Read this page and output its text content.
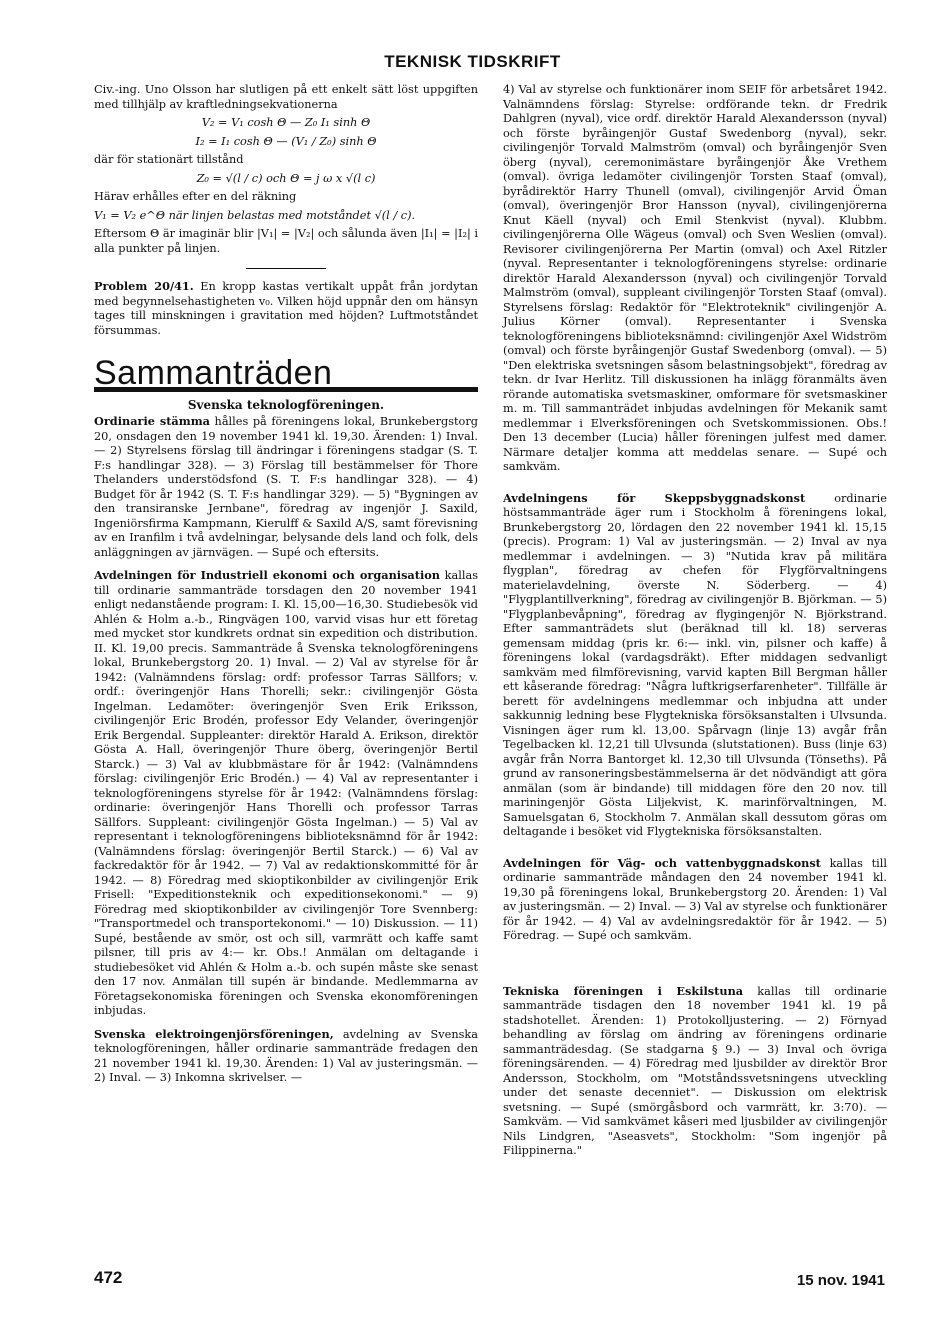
TEKNISK TIDSKRIFT

Civ.-ing. Uno Olsson har slutligen på ett enkelt sätt löst uppgiften med tillhjälp av kraftledningsekvationerna

V₂ = V₁ cosh Θ — Z₀ I₁ sinh Θ
I₂ = I₁ cosh Θ — (V₁ / Z₀) sinh Θ

där för stationärt tillstånd

Z₀ = √(l / c) och Θ = j ω x √(l c)

Härav erhålles efter en del räkning

V₁ = V₂ e^Θ när linjen belastas med motståndet √(l / c).

Eftersom Θ är imaginär blir |V₁| = |V₂| och sålunda även |I₁| = |I₂| i alla punkter på linjen.

Problem 20/41. En kropp kastas vertikalt uppåt från jordytan med begynnelsehastigheten v₀. Vilken höjd uppnår den om hänsyn tages till minskningen i gravitation med höjden? Luftmotståndet försummas.

Sammanträden
Svenska teknologföreningen.

Ordinarie stämma hålles på föreningens lokal, Brunkebergstorg 20, onsdagen den 19 november 1941 kl. 19,30. Ärenden: 1) Inval. — 2) Styrelsens förslag till ändringar i föreningens stadgar (S. T. F:s handlingar 328). — 3) Förslag till bestämmelser för Thore Thelanders understödsfond (S. T. F:s handlingar 328). — 4) Budget för år 1942 (S. T. F:s handlingar 329). — 5) "Bygningen av den transiranske Jernbane", föredrag av ingenjör J. Saxild, Ingeniörsfirma Kampmann, Kierulff & Saxild A/S, samt förevisning av en Iranfilm i två avdelningar, belysande dels land och folk, dels anläggningen av järnvägen. — Supé och eftersits.

Avdelningen för Industriell ekonomi och organisation kallas till ordinarie sammanträde torsdagen den 20 november 1941 enligt nedanstående program: I. Kl. 15,00—16,30. Studiebesök vid Ahlén & Holm a.-b., Ringvägen 100, varvid visas hur ett företag med mycket stor kundkrets ordnat sin expedition och distribution. II. Kl. 19,00 precis. Sammanträde å Svenska teknologföreningens lokal, Brunkebergstorg 20. 1) Inval. — 2) Val av styrelse för år 1942: (Valnämndens förslag: ordf: professor Tarras Sällfors; v. ordf.: överingenjör Hans Thorelli; sekr.: civilingenjör Gösta Ingelman. Ledamöter: överingenjör Sven Erik Eriksson, civilingenjör Eric Brodén, professor Edy Velander, överingenjör Erik Bergendal. Suppleanter: direktör Harald A. Erikson, direktör Gösta A. Hall, överingenjör Thure öberg, överingenjör Bertil Starck.) — 3) Val av klubbmästare för år 1942: (Valnämndens förslag: civilingenjör Eric Brodén.) — 4) Val av representanter i teknologföreningens styrelse för år 1942: (Valnämndens förslag: ordinarie: överingenjör Hans Thorelli och professor Tarras Sällfors. Suppleant: civilingenjör Gösta Ingelman.) — 5) Val av representant i teknologföreningens biblioteksnämnd för år 1942: (Valnämndens förslag: överingenjör Bertil Starck.) — 6) Val av fackredaktör för år 1942. — 7) Val av redaktionskommitté för år 1942. — 8) Föredrag med skioptikonbilder av civilingenjör Erik Frisell: "Expeditionsteknik och expeditionsekonomi." — 9) Föredrag med skioptikonbilder av civilingenjör Tore Svennberg: "Transportmedel och transportekonomi." — 10) Diskussion. — 11) Supé, bestående av smör, ost och sill, varmrätt och kaffe samt pilsner, till pris av 4:— kr. Obs.! Anmälan om deltagande i studiebesöket vid Ahlén & Holm a.-b. och supén måste ske senast den 17 nov. Anmälan till supén är bindande. Medlemmarna av Företagsekonomiska föreningen och Svenska ekonomföreningen inbjudas.

Svenska elektroingenjörsföreningen, avdelning av Svenska teknologföreningen, håller ordinarie sammanträde fredagen den 21 november 1941 kl. 19,30. Ärenden: 1) Val av justeringsmän. — 2) Inval. — 3) Inkomna skrivelser. —

4) Val av styrelse och funktionärer inom SEIF för arbetsåret 1942. Valnämndens förslag: Styrelse: ordförande tekn. dr Fredrik Dahlgren (nyval), vice ordf. direktör Harald Alexandersson (nyval) och förste byråingenjör Gustaf Swedenborg (nyval), sekr. civilingenjör Torvald Malmström (omval) och byråingenjör Sven öberg (nyval), ceremonimästare byråingenjör Åke Vrethem (omval). övriga ledamöter civilingenjör Torsten Staaf (omval), byrådirektör Harry Thunell (omval), civilingenjör Arvid Öman (omval), överingenjör Bror Hansson (nyval), civilingenjörerna Knut Käell (nyval) och Emil Stenkvist (nyval). Klubbm. civilingenjörerna Olle Wägeus (omval) och Sven Weslien (omval). Revisorer civilingenjörerna Per Martin (omval) och Axel Ritzler (nyval. Representanter i teknologföreningens styrelse: ordinarie direktör Harald Alexandersson (nyval) och civilingenjör Torvald Malmström (omval), suppleant civilingenjör Torsten Staaf (omval). Styrelsens förslag: Redaktör för "Elektroteknik" civilingenjör A. Julius Körner (omval). Representanter i Svenska teknologföreningens biblioteksnämnd: civilingenjör Axel Widström (omval) och förste byråingenjör Gustaf Swedenborg (omval). — 5) "Den elektriska svetsningen såsom belastningsobjekt", föredrag av tekn. dr Ivar Herlitz. Till diskussionen ha inlägg föranmälts även rörande automatiska svetsmaskiner, omformare för svetsmaskiner m. m. Till sammanträdet inbjudas avdelningen för Mekanik samt medlemmar i Elverksföreningen och Svetskommissionen. Obs.! Den 13 december (Lucia) håller föreningen julfest med damer. Närmare detaljer komma att meddelas senare. — Supé och samkväm.

Avdelningens för Skeppsbyggnadskonst ordinarie höstsammanträde äger rum i Stockholm å föreningens lokal, Brunkebergstorg 20, lördagen den 22 november 1941 kl. 15,15 (precis). Program: 1) Val av justeringsmän. — 2) Inval av nya medlemmar i avdelningen. — 3) "Nutida krav på militära flygplan", föredrag av chefen för Flygförvaltningens materielavdelning, överste N. Söderberg. — 4) "Flygplantillverkning", föredrag av civilingenjör B. Björkman. — 5) "Flygplanbevåpning", föredrag av flygingenjör N. Björkstrand. Efter sammanträdets slut (beräknad till kl. 18) serveras gemensam middag (pris kr. 6:— inkl. vin, pilsner och kaffe) å föreningens lokal (vardagsdräkt). Efter middagen sedvanligt samkväm med filmförevisning, varvid kapten Bill Bergman håller ett kåserande föredrag: "Några luftkrigserfarenheter". Tillfälle är berett för avdelningens medlemmar och inbjudna att under sakkunnig ledning bese Flygtekniska försöksanstalten i Ulvsunda. Visningen äger rum kl. 13,00. Spårvagn (linje 13) avgår från Tegelbacken kl. 12,21 till Ulvsunda (slutstationen). Buss (linje 63) avgår från Norra Bantorget kl. 12,30 till Ulvsunda (Tönseths). På grund av ransoneringsbestämmelserna är det nödvändigt att göra anmälan (som är bindande) till middagen före den 20 nov. till mariningenjör Gösta Liljekvist, K. marinförvaltningen, M. Samuelsgatan 6, Stockholm 7. Anmälan skall dessutom göras om deltagande i besöket vid Flygtekniska försöksanstalten.

Avdelningen för Väg- och vattenbyggnadskonst kallas till ordinarie sammanträde måndagen den 24 november 1941 kl. 19,30 på föreningens lokal, Brunkebergstorg 20. Ärenden: 1) Val av justeringsmän. — 2) Inval. — 3) Val av styrelse och funktionärer för år 1942. — 4) Val av avdelningsredaktör för år 1942. — 5) Föredrag. — Supé och samkväm.

Tekniska föreningen i Eskilstuna kallas till ordinarie sammanträde tisdagen den 18 november 1941 kl. 19 på stadshotellet. Ärenden: 1) Protokolljustering. — 2) Förnyad behandling av förslag om ändring av föreningens ordinarie sammanträdesdag. (Se stadgarna § 9.) — 3) Inval och övriga föreningsärenden. — 4) Föredrag med ljusbilder av direktör Bror Andersson, Stockholm, om "Motståndssvetsningens utveckling under det senaste decenniet". — Diskussion om elektrisk svetsning. — Supé (smörgåsbord och varmrätt, kr. 3:70). — Samkväm. — Vid samkvämet kåseri med ljusbilder av civilingenjör Nils Lindgren, "Aseasvets", Stockholm: "Som ingenjör på Filippinerna."

472	15 nov. 1941
